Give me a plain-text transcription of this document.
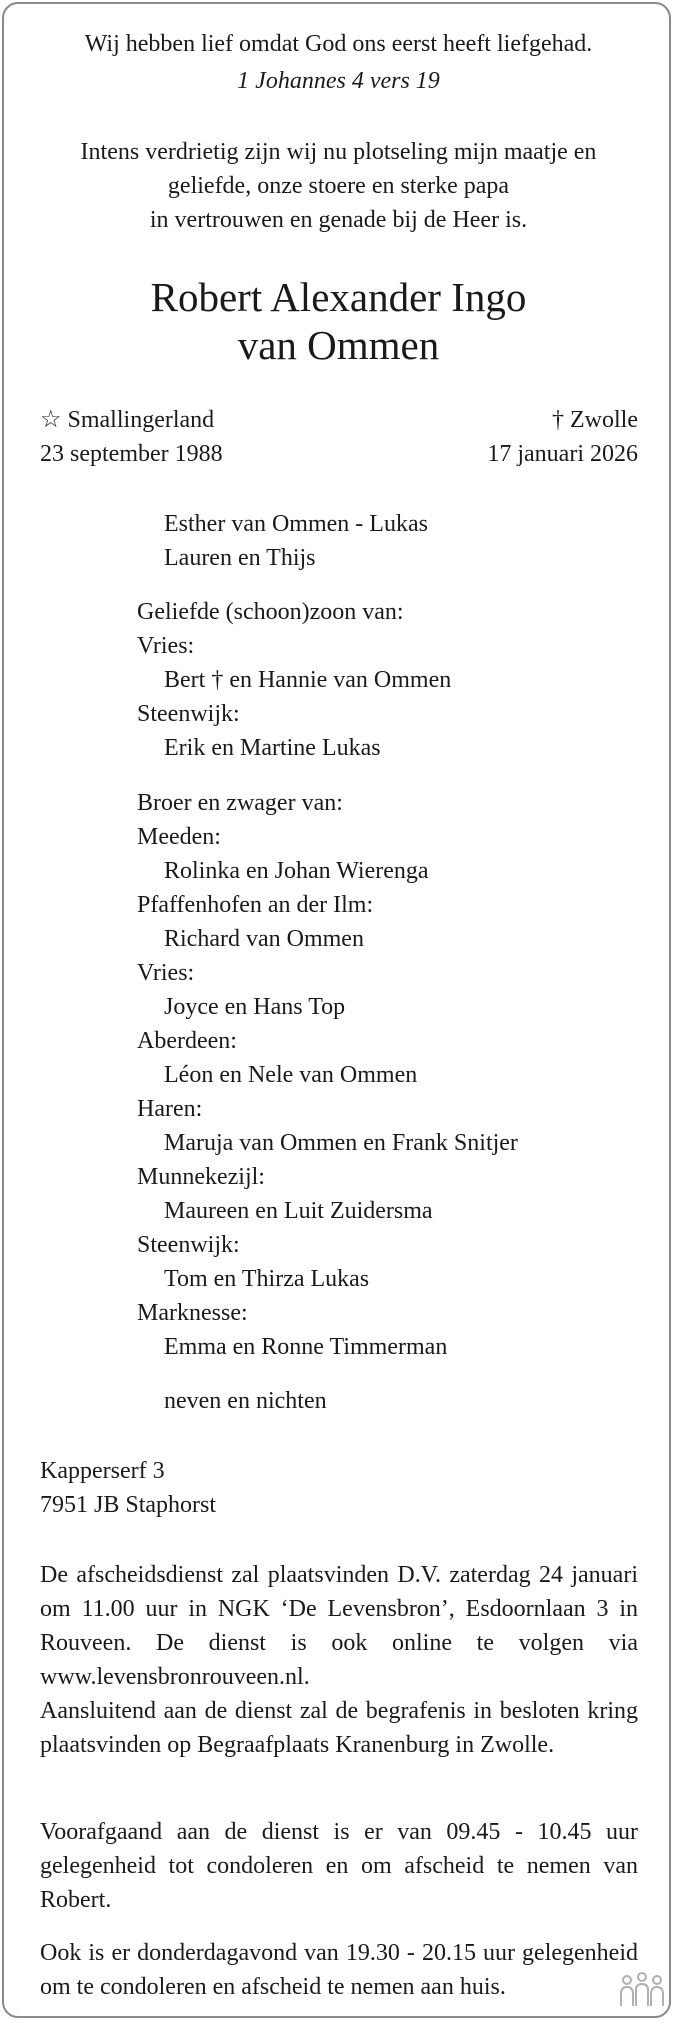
Wij hebben lief omdat God ons eerst heeft liefgehad.

1 Johannes 4 vers 19

Intens verdrietig zijn wij nu plotseling mijn maatje en

geliefde, onze stoere en sterke papa

in vertrouwen en genade bij de Heer is.

Robert Alexander Ingo

van Ommen

☆ Smallingerland

23 september 1988

† Zwolle

17 januari 2026

Esther van Ommen - Lukas

Lauren en Thijs

Geliefde (schoon)zoon van:

Vries:

Bert † en Hannie van Ommen

Steenwijk:

Erik en Martine Lukas

Broer en zwager van:

Meeden:

Rolinka en Johan Wierenga

Pfaffenhofen an der Ilm:

Richard van Ommen

Vries:

Joyce en Hans Top

Aberdeen:

Léon en Nele van Ommen

Haren:

Maruja van Ommen en Frank Snitjer

Munnekezijl:

Maureen en Luit Zuidersma

Steenwijk:

Tom en Thirza Lukas

Marknesse:

Emma en Ronne Timmerman

neven en nichten

Kapperserf 3

7951 JB Staphorst

De afscheidsdienst zal plaatsvinden D.V. zaterdag 24 januari om 11.00 uur in NGK ‘De Levensbron’, Esdoornlaan 3 in Rouveen. De dienst is ook online te volgen via www.levensbronrouveen.nl.

Aansluitend aan de dienst zal de begrafenis in besloten kring plaatsvinden op Begraafplaats Kranenburg in Zwolle.

Voorafgaand aan de dienst is er van 09.45 - 10.45 uur gelegenheid tot condoleren en om afscheid te nemen van Robert.

Ook is er donderdagavond van 19.30 - 20.15 uur gelegenheid om te condoleren en afscheid te nemen aan huis.
